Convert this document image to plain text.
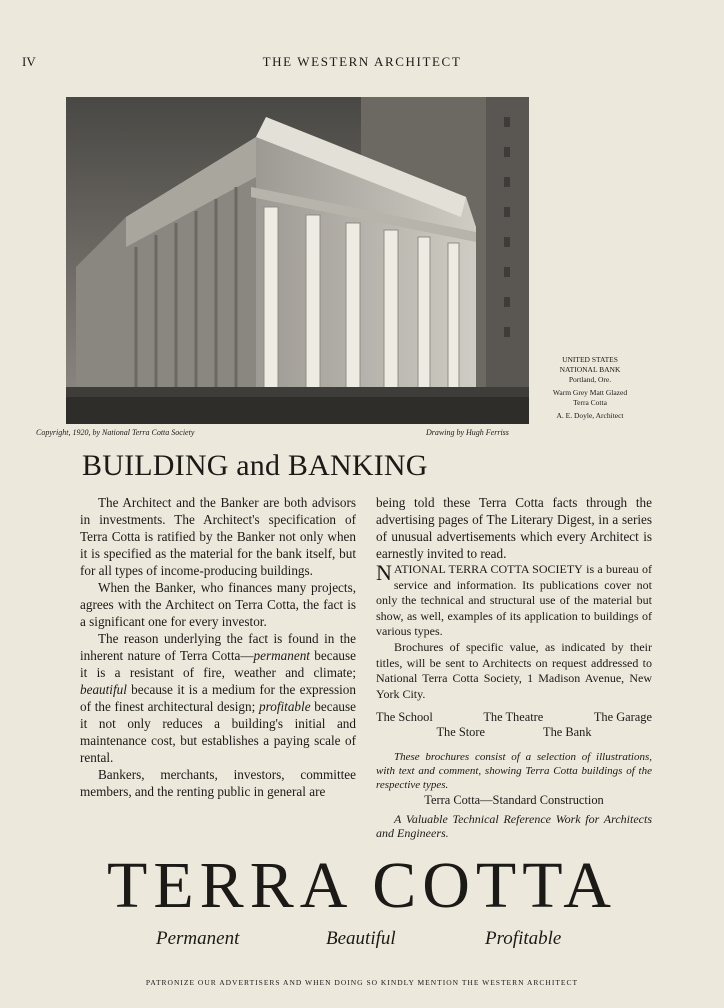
IV	THE WESTERN ARCHITECT
UNITED STATES
NATIONAL BANK
Portland, Ore.
Warm Grey Matt Glazed
Terra Cotta
A. E. Doyle, Architect
Copyright, 1920, by National Terra Cotta Society	Drawing by Hugh Ferriss
BUILDING and BANKING

The Architect and the Banker are both advisors in investments. The Architect's specification of Terra Cotta is ratified by the Banker not only when it is specified as the material for the bank itself, but for all types of income-producing buildings.

When the Banker, who finances many projects, agrees with the Architect on Terra Cotta, the fact is a significant one for every investor.

The reason underlying the fact is found in the inherent nature of Terra Cotta—permanent because it is a resistant of fire, weather and climate; beautiful because it is a medium for the expression of the finest architectural design; profitable because it not only reduces a building's initial and maintenance cost, but establishes a paying scale of rental.

Bankers, merchants, investors, committee members, and the renting public in general are

being told these Terra Cotta facts through the advertising pages of The Literary Digest, in a series of unusual advertisements which every Architect is earnestly invited to read.

NATIONAL TERRA COTTA SOCIETY is a bureau of service and information. Its publications cover not only the technical and structural use of the material but show, as well, examples of its application to buildings of various types.

Brochures of specific value, as indicated by their titles, will be sent to Architects on request addressed to National Terra Cotta Society, 1 Madison Avenue, New York City.

The School	The Theatre	The Garage
The Store	The Bank

These brochures consist of a selection of illustrations, with text and comment, showing Terra Cotta buildings of the respective types.

Terra Cotta—Standard Construction

A Valuable Technical Reference Work for Architects and Engineers.

TERRA COTTA
Permanent	Beautiful	Profitable
PATRONIZE OUR ADVERTISERS AND WHEN DOING SO KINDLY MENTION THE WESTERN ARCHITECT
